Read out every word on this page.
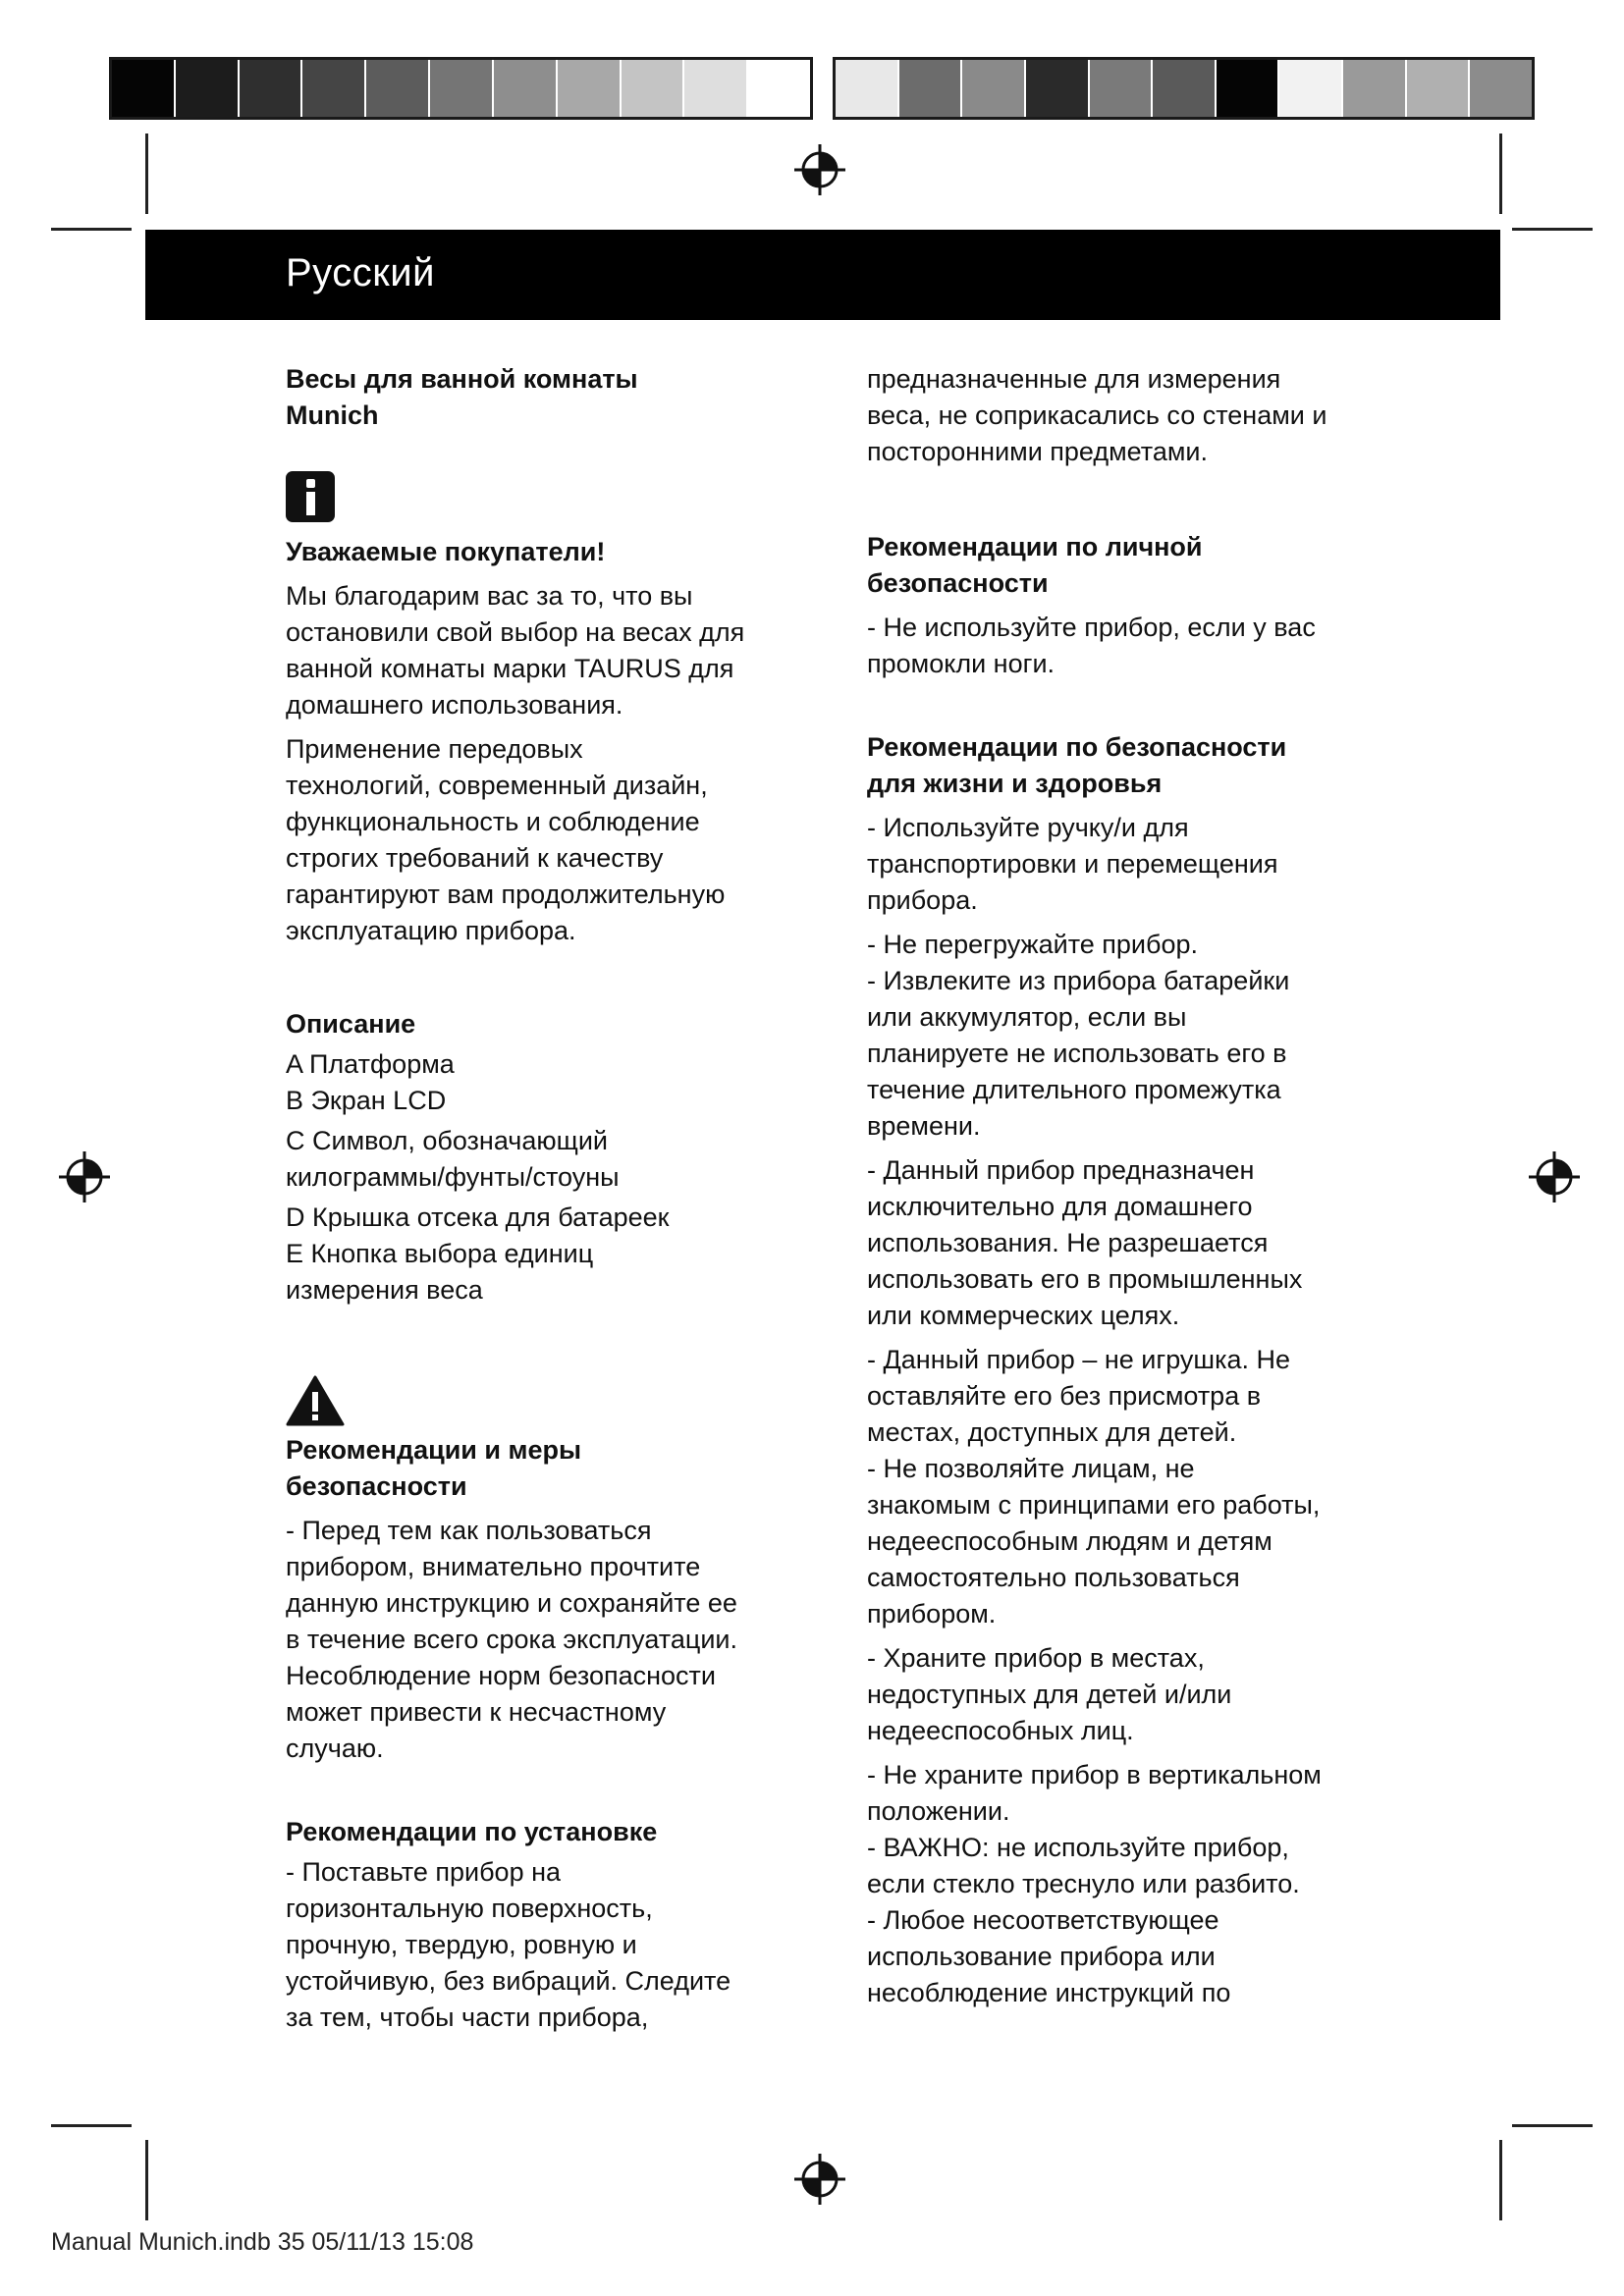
Русский
Весы для ванной комнаты
Munich
Уважаемые покупатели!
Мы благодарим вас за то, что вы
остановили свой выбор на весах для
ванной комнаты марки TAURUS для
домашнего использования.
Применение передовых
технологий, современный дизайн,
функциональность и соблюдение
строгих требований к качеству
гарантируют вам продолжительную
эксплуатацию прибора.
Описание
A Платформа
B Экран LCD
C Символ, обозначающий
килограммы/фунты/стоуны
D Крышка отсека для батареек
E Кнопка выбора единиц
измерения веса
Рекомендации и меры
безопасности
- Перед тем как пользоваться
прибором, внимательно прочтите
данную инструкцию и сохраняйте ее
в течение всего срока эксплуатации.
Несоблюдение норм безопасности
может привести к несчастному
случаю.
Рекомендации по установке
- Поставьте прибор на
горизонтальную поверхность,
прочную, твердую, ровную и
устойчивую, без вибраций. Следите
за тем, чтобы части прибора,
предназначенные для измерения
веса, не соприкасались со стенами и
посторонними предметами.
Рекомендации по личной
безопасности
- Не используйте прибор, если у вас
промокли ноги.
Рекомендации по безопасности
для жизни и здоровья
- Используйте ручку/и для
транспортировки и перемещения
прибора.
- Не перегружайте прибор.
- Извлеките из прибора батарейки
или аккумулятор, если вы
планируете не использовать его в
течение длительного промежутка
времени.
- Данный прибор предназначен
исключительно для домашнего
использования. Не разрешается
использовать его в промышленных
или коммерческих целях.
- Данный прибор – не игрушка. Не
оставляйте его без присмотра в
местах, доступных для детей.
- Не позволяйте лицам, не
знакомым с принципами его работы,
недееспособным людям и детям
самостоятельно пользоваться
прибором.
- Храните прибор в местах,
недоступных для детей и/или
недееспособных лиц.
- Не храните прибор в вертикальном
положении.
- ВАЖНО: не используйте прибор,
если стекло треснуло или разбито.
- Любое несоответствующее
использование прибора или
несоблюдение инструкций по
Manual Munich.indb 35 05/11/13 15:08
